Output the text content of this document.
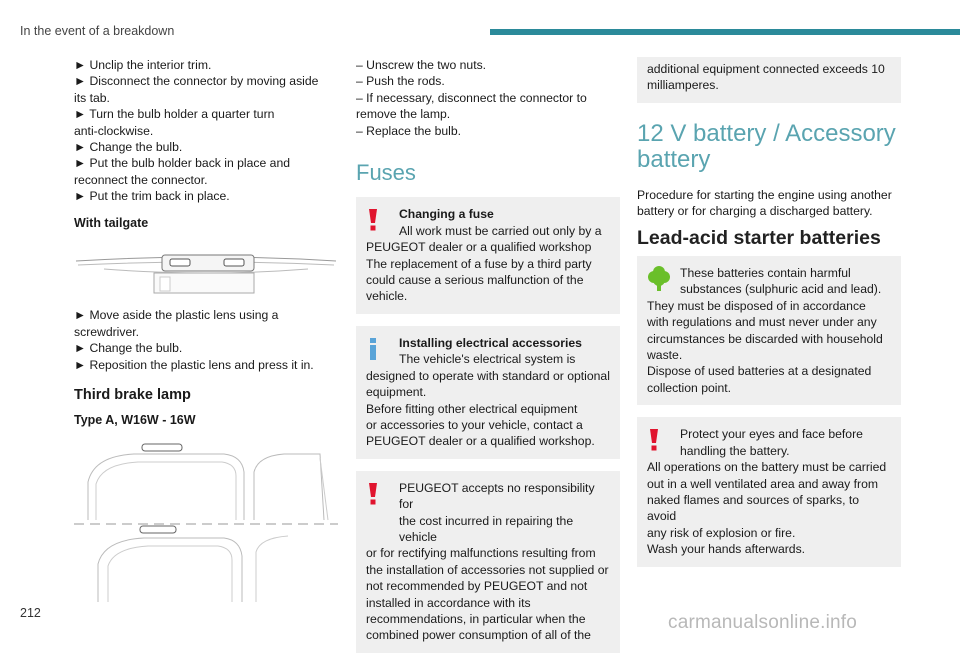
In the event of a breakdown
► Unclip the interior trim.
► Disconnect the connector by moving aside
its tab.
► Turn the bulb holder a quarter turn
anti-clockwise.
► Change the bulb.
► Put the bulb holder back in place and
reconnect the connector.
► Put the trim back in place.
With tailgate
► Move aside the plastic lens using a
screwdriver.
► Change the bulb.
► Reposition the plastic lens and press it in.
Third brake lamp
Type A, W16W - 16W
– Unscrew the two nuts.
– Push the rods.
– If necessary, disconnect the connector to
remove the lamp.
– Replace the bulb.
Fuses
Changing a fuse
All work must be carried out only by a
PEUGEOT dealer or a qualified workshop
The replacement of a fuse by a third party
could cause a serious malfunction of the
vehicle.
Installing electrical accessories
The vehicle's electrical system is
designed to operate with standard or optional
equipment.
Before fitting other electrical equipment
or accessories to your vehicle, contact a
PEUGEOT dealer or a qualified workshop.
PEUGEOT accepts no responsibility for
the cost incurred in repairing the vehicle
or for rectifying malfunctions resulting from
the installation of accessories not supplied or
not recommended by PEUGEOT and not
installed in accordance with its
recommendations, in particular when the
combined power consumption of all of the
additional equipment connected exceeds 10
milliamperes.
12 V battery / Accessory
battery
Procedure for starting the engine using another
battery or for charging a discharged battery.
Lead-acid starter batteries
These batteries contain harmful
substances (sulphuric acid and lead).
They must be disposed of in accordance
with regulations and must never under any
circumstances be discarded with household
waste.
Dispose of used batteries at a designated
collection point.
Protect your eyes and face before
handling the battery.
All operations on the battery must be carried
out in a well ventilated area and away from
naked flames and sources of sparks, to avoid
any risk of explosion or fire.
Wash your hands afterwards.
212	carmanualsonline.info
